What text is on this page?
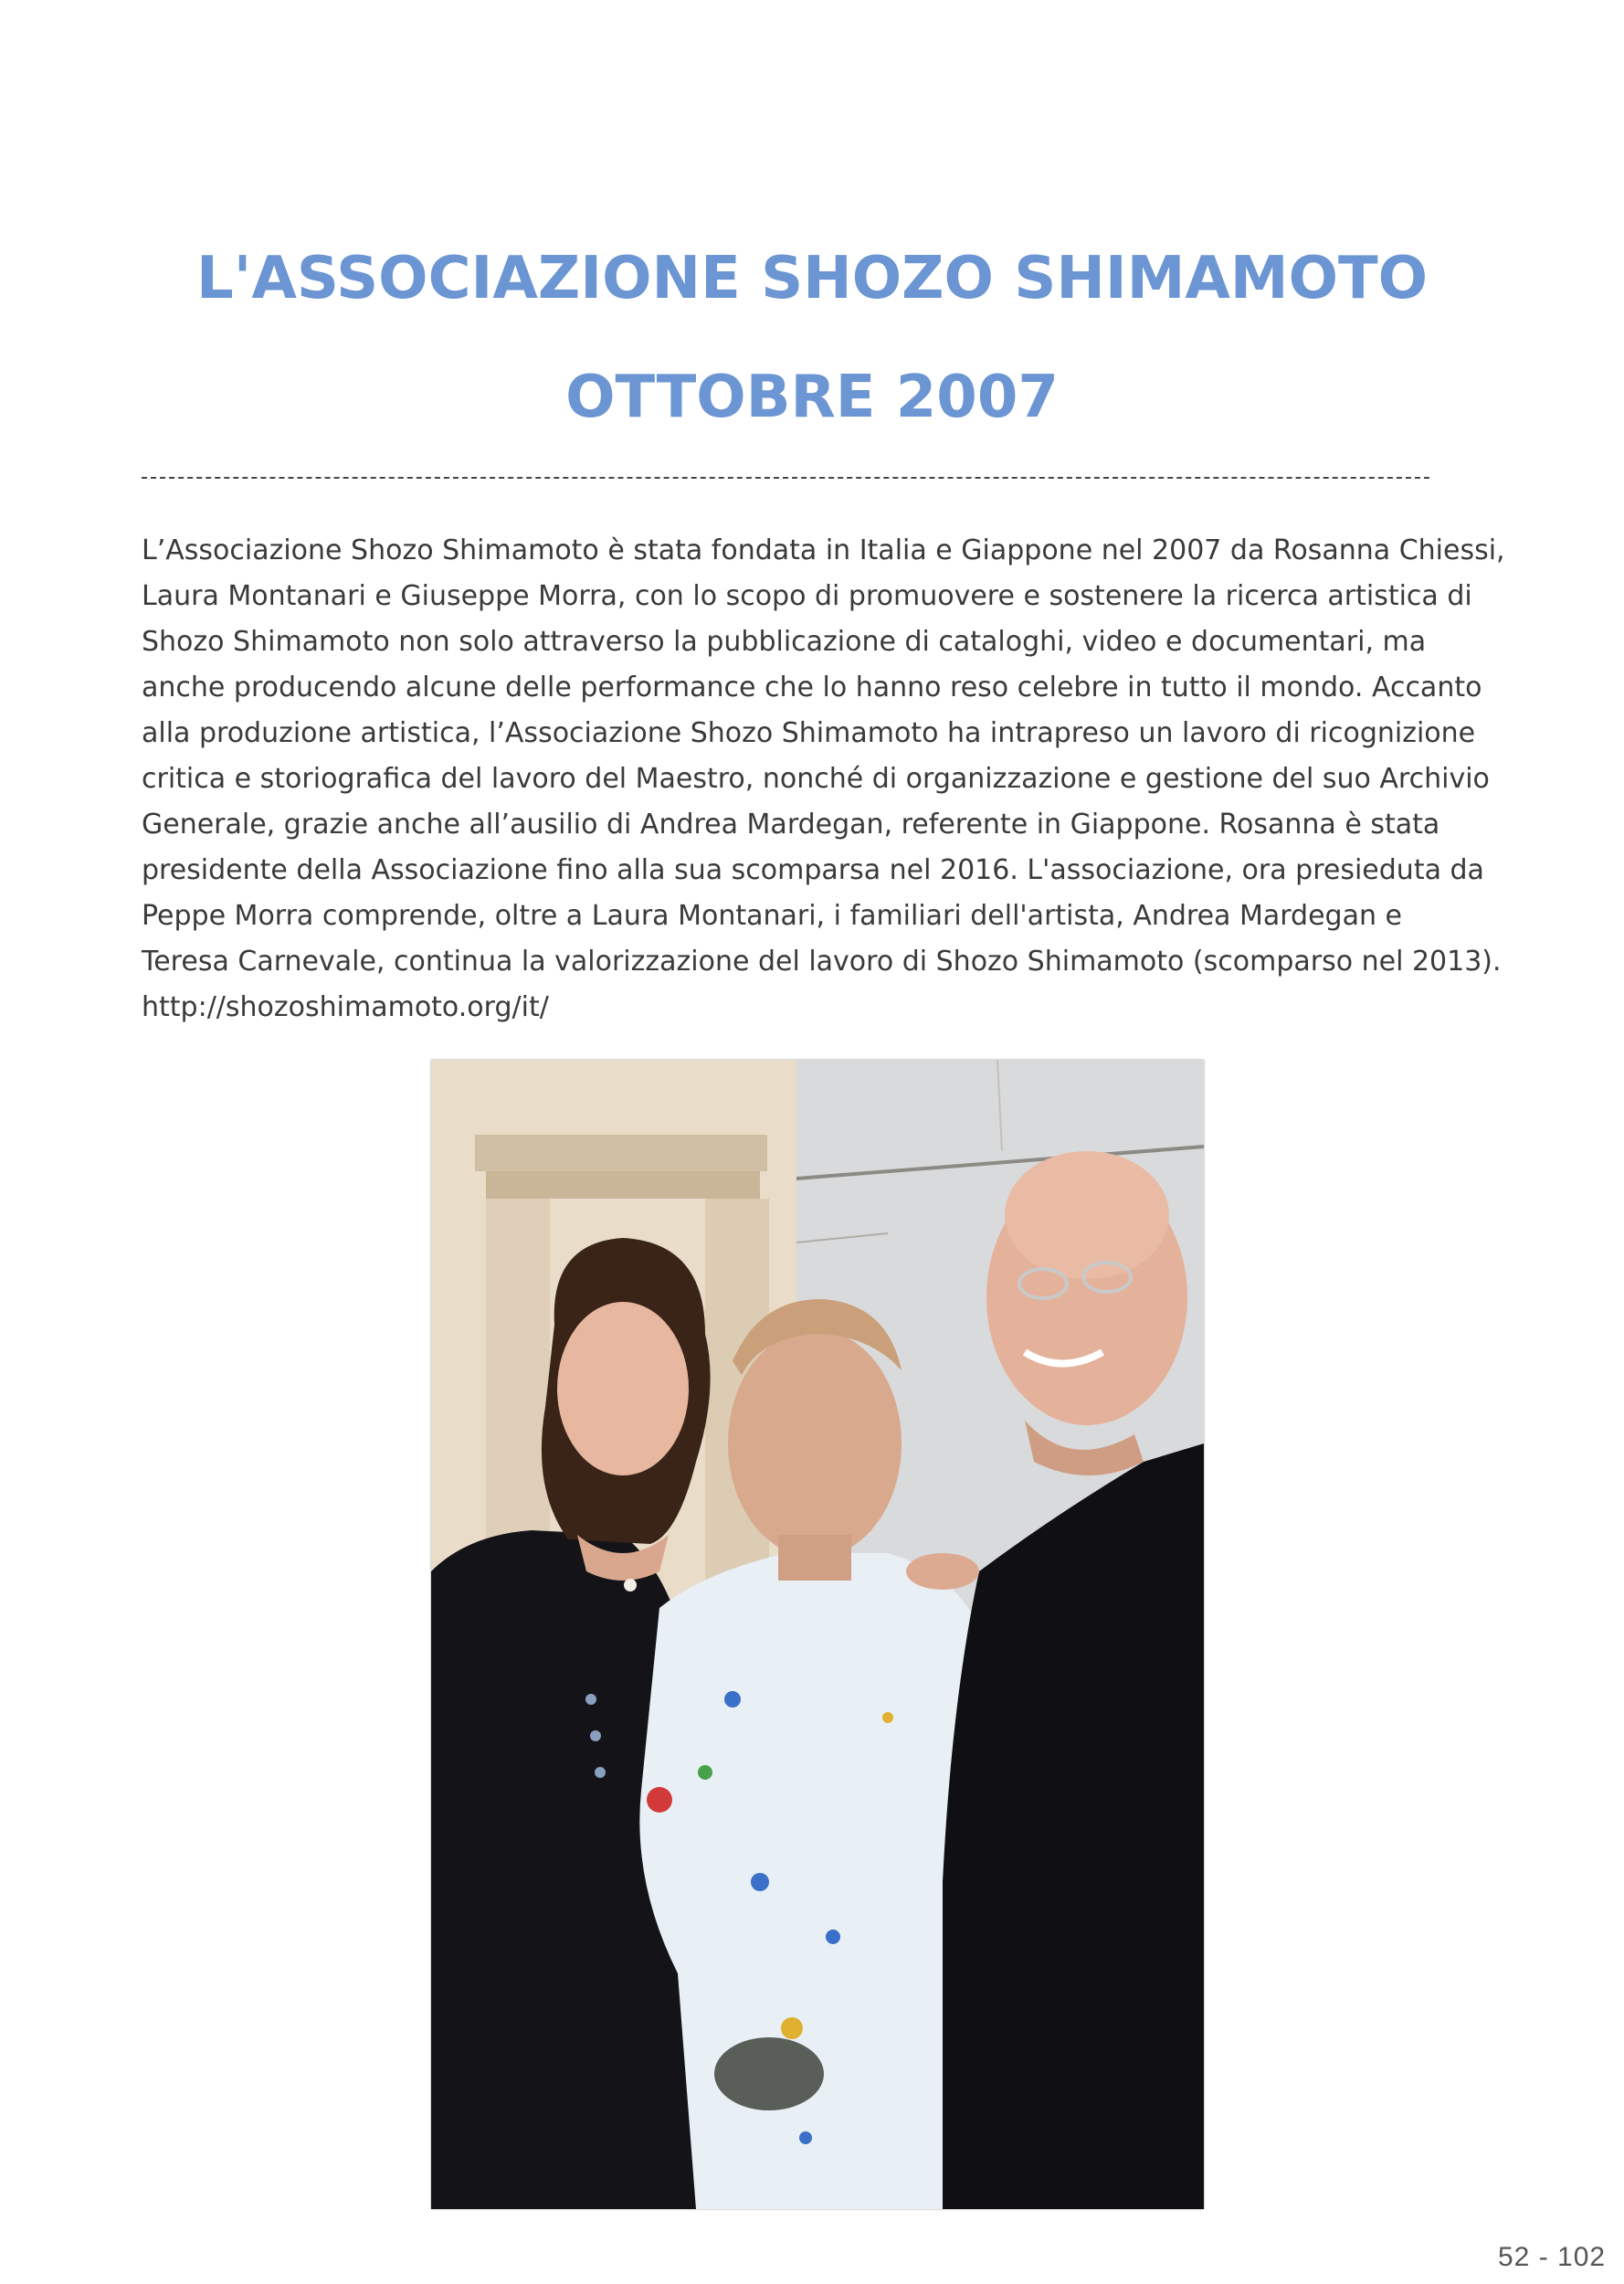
L'ASSOCIAZIONE SHOZO SHIMAMOTO
OTTOBRE 2007
L’Associazione Shozo Shimamoto è stata fondata in Italia e Giappone nel 2007 da Rosanna Chiessi,
Laura Montanari e Giuseppe Morra, con lo scopo di promuovere e sostenere la ricerca artistica di
Shozo Shimamoto non solo attraverso la pubblicazione di cataloghi, video e documentari, ma
anche producendo alcune delle performance che lo hanno reso celebre in tutto il mondo. Accanto
alla produzione artistica, l’Associazione Shozo Shimamoto ha intrapreso un lavoro di ricognizione
critica e storiografica del lavoro del Maestro, nonché di organizzazione e gestione del suo Archivio
Generale, grazie anche all’ausilio di Andrea Mardegan, referente in Giappone. Rosanna è stata
presidente della Associazione fino alla sua scomparsa nel 2016. L'associazione, ora presieduta da
Peppe Morra comprende, oltre a Laura Montanari, i familiari dell'artista, Andrea Mardegan e
Teresa Carnevale, continua la valorizzazione del lavoro di Shozo Shimamoto (scomparso nel 2013).
http://shozoshimamoto.org/it/
52 - 102
